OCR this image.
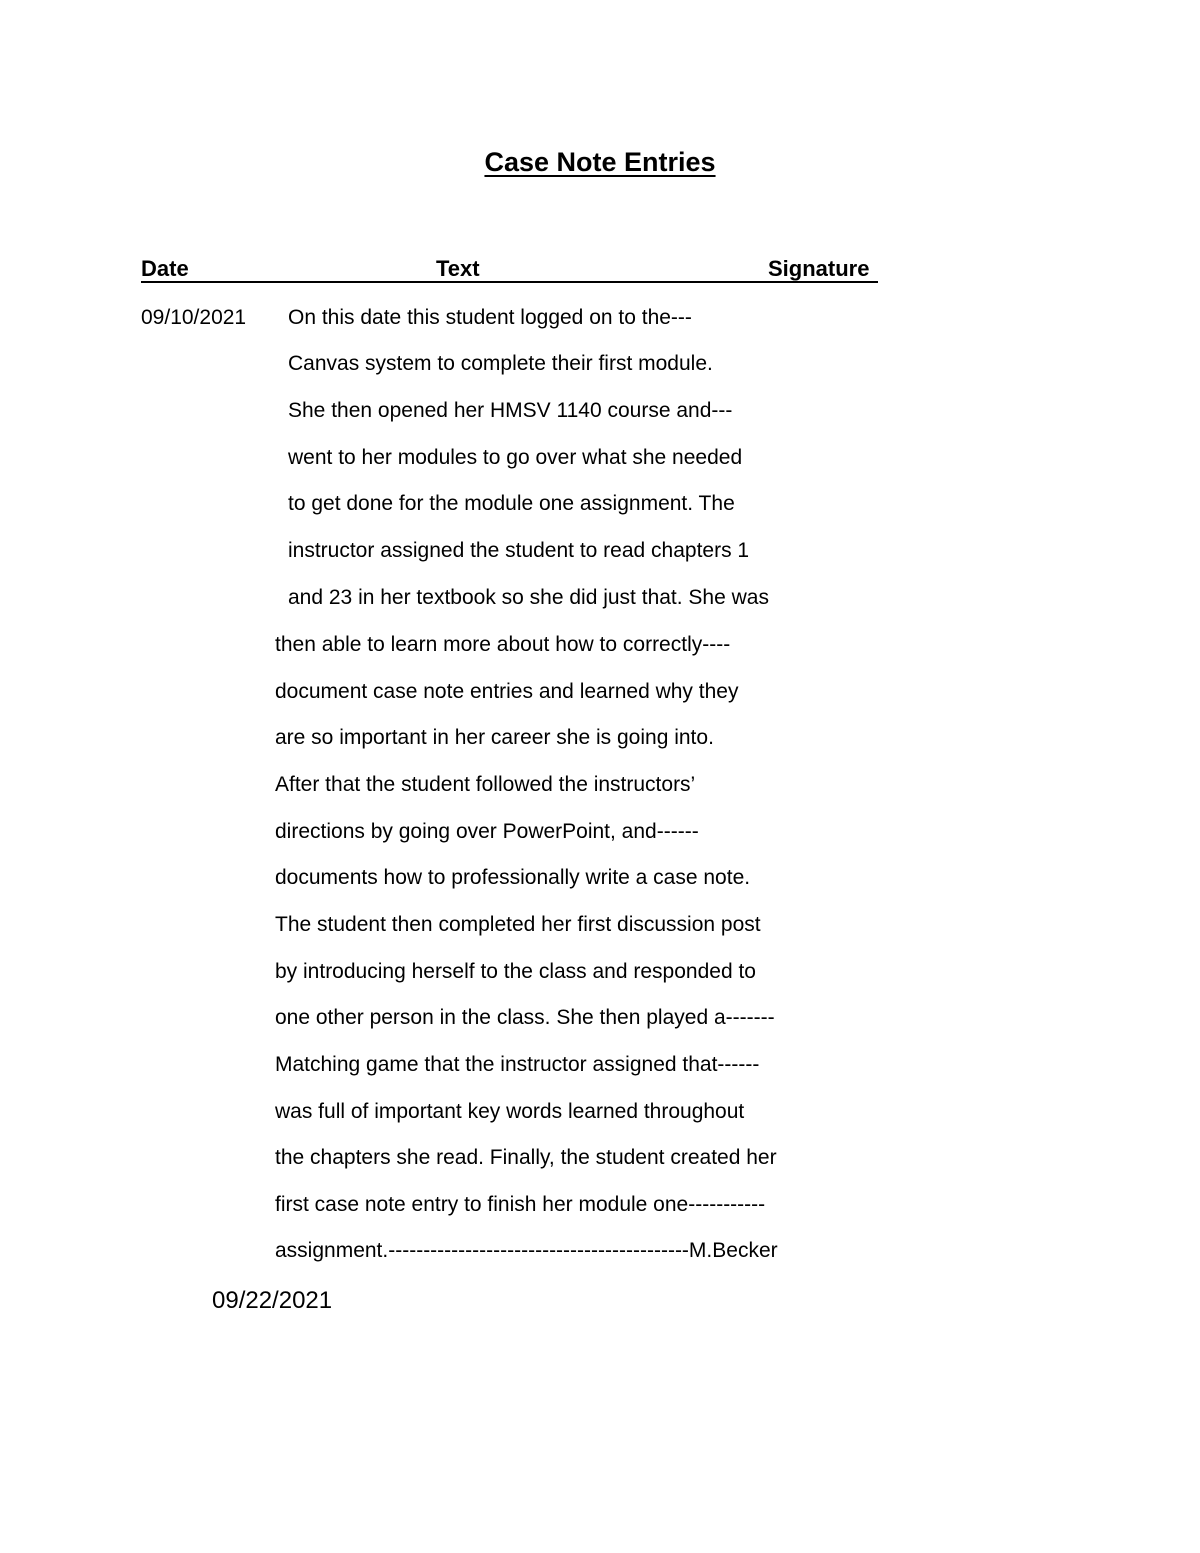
Case Note Entries
Date	Text	Signature
09/10/2021 On this date this student logged on to the---
Canvas system to complete their first module.
She then opened her HMSV 1140 course and---
went to her modules to go over what she needed
to get done for the module one assignment. The
instructor assigned the student to read chapters 1
and 23 in her textbook so she did just that. She was
then able to learn more about how to correctly----
document case note entries and learned why they
are so important in her career she is going into.
After that the student followed the instructors’
directions by going over PowerPoint, and------
documents how to professionally write a case note.
The student then completed her first discussion post
by introducing herself to the class and responded to
one other person in the class. She then played a-------
Matching game that the instructor assigned that------
was full of important key words learned throughout
the chapters she read. Finally, the student created her
first case note entry to finish her module one-----------
assignment.-------------------------------------------M.Becker
09/22/2021
